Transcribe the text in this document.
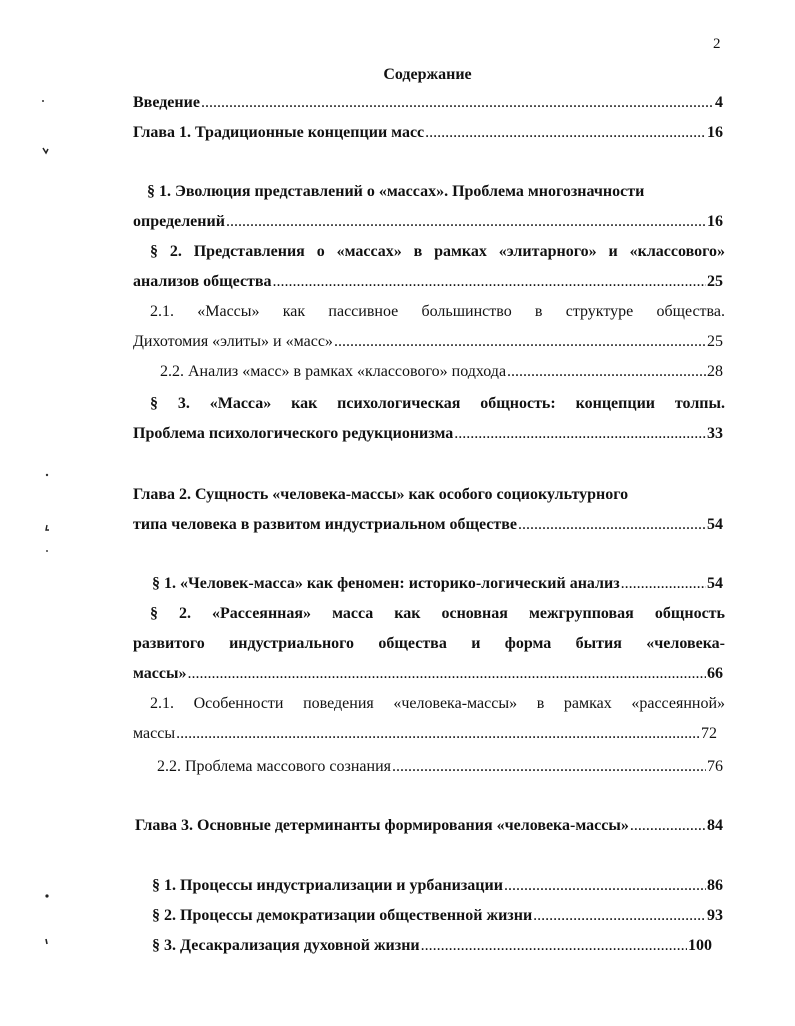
2
Содержание
Введение .....	4
Глава 1. Традиционные концепции масс .....	16
§ 1. Эволюция представлений о «массах». Проблема многозначности
определений .....	16
§ 2. Представления о «массах» в рамках «элитарного» и «классового»
анализов общества .....	25
2.1. «Массы» как пассивное большинство в структуре общества.
Дихотомия «элиты» и «масс» .....	25
2.2. Анализ «масс» в рамках «классового» подхода .....	28
§ 3. «Масса» как психологическая общность: концепции толпы.
Проблема психологического редукционизма .....	33
Глава 2. Сущность «человека-массы» как особого социокультурного
типа человека в развитом индустриальном обществе .....	54
§ 1. «Человек-масса» как феномен: историко-логический анализ .....	54
§ 2. «Рассеянная» масса как основная межгрупповая общность
развитого индустриального общества и форма бытия «человека-
массы» .....	66
2.1. Особенности поведения «человека-массы» в рамках «рассеянной»
массы .....	72
2.2. Проблема массового сознания .....	76
Глава 3. Основные детерминанты формирования «человека-массы» .....	84
§ 1. Процессы индустриализации и урбанизации .....	86
§ 2. Процессы демократизации общественной жизни .....	93
§ 3. Десакрализация духовной жизни .....	100
